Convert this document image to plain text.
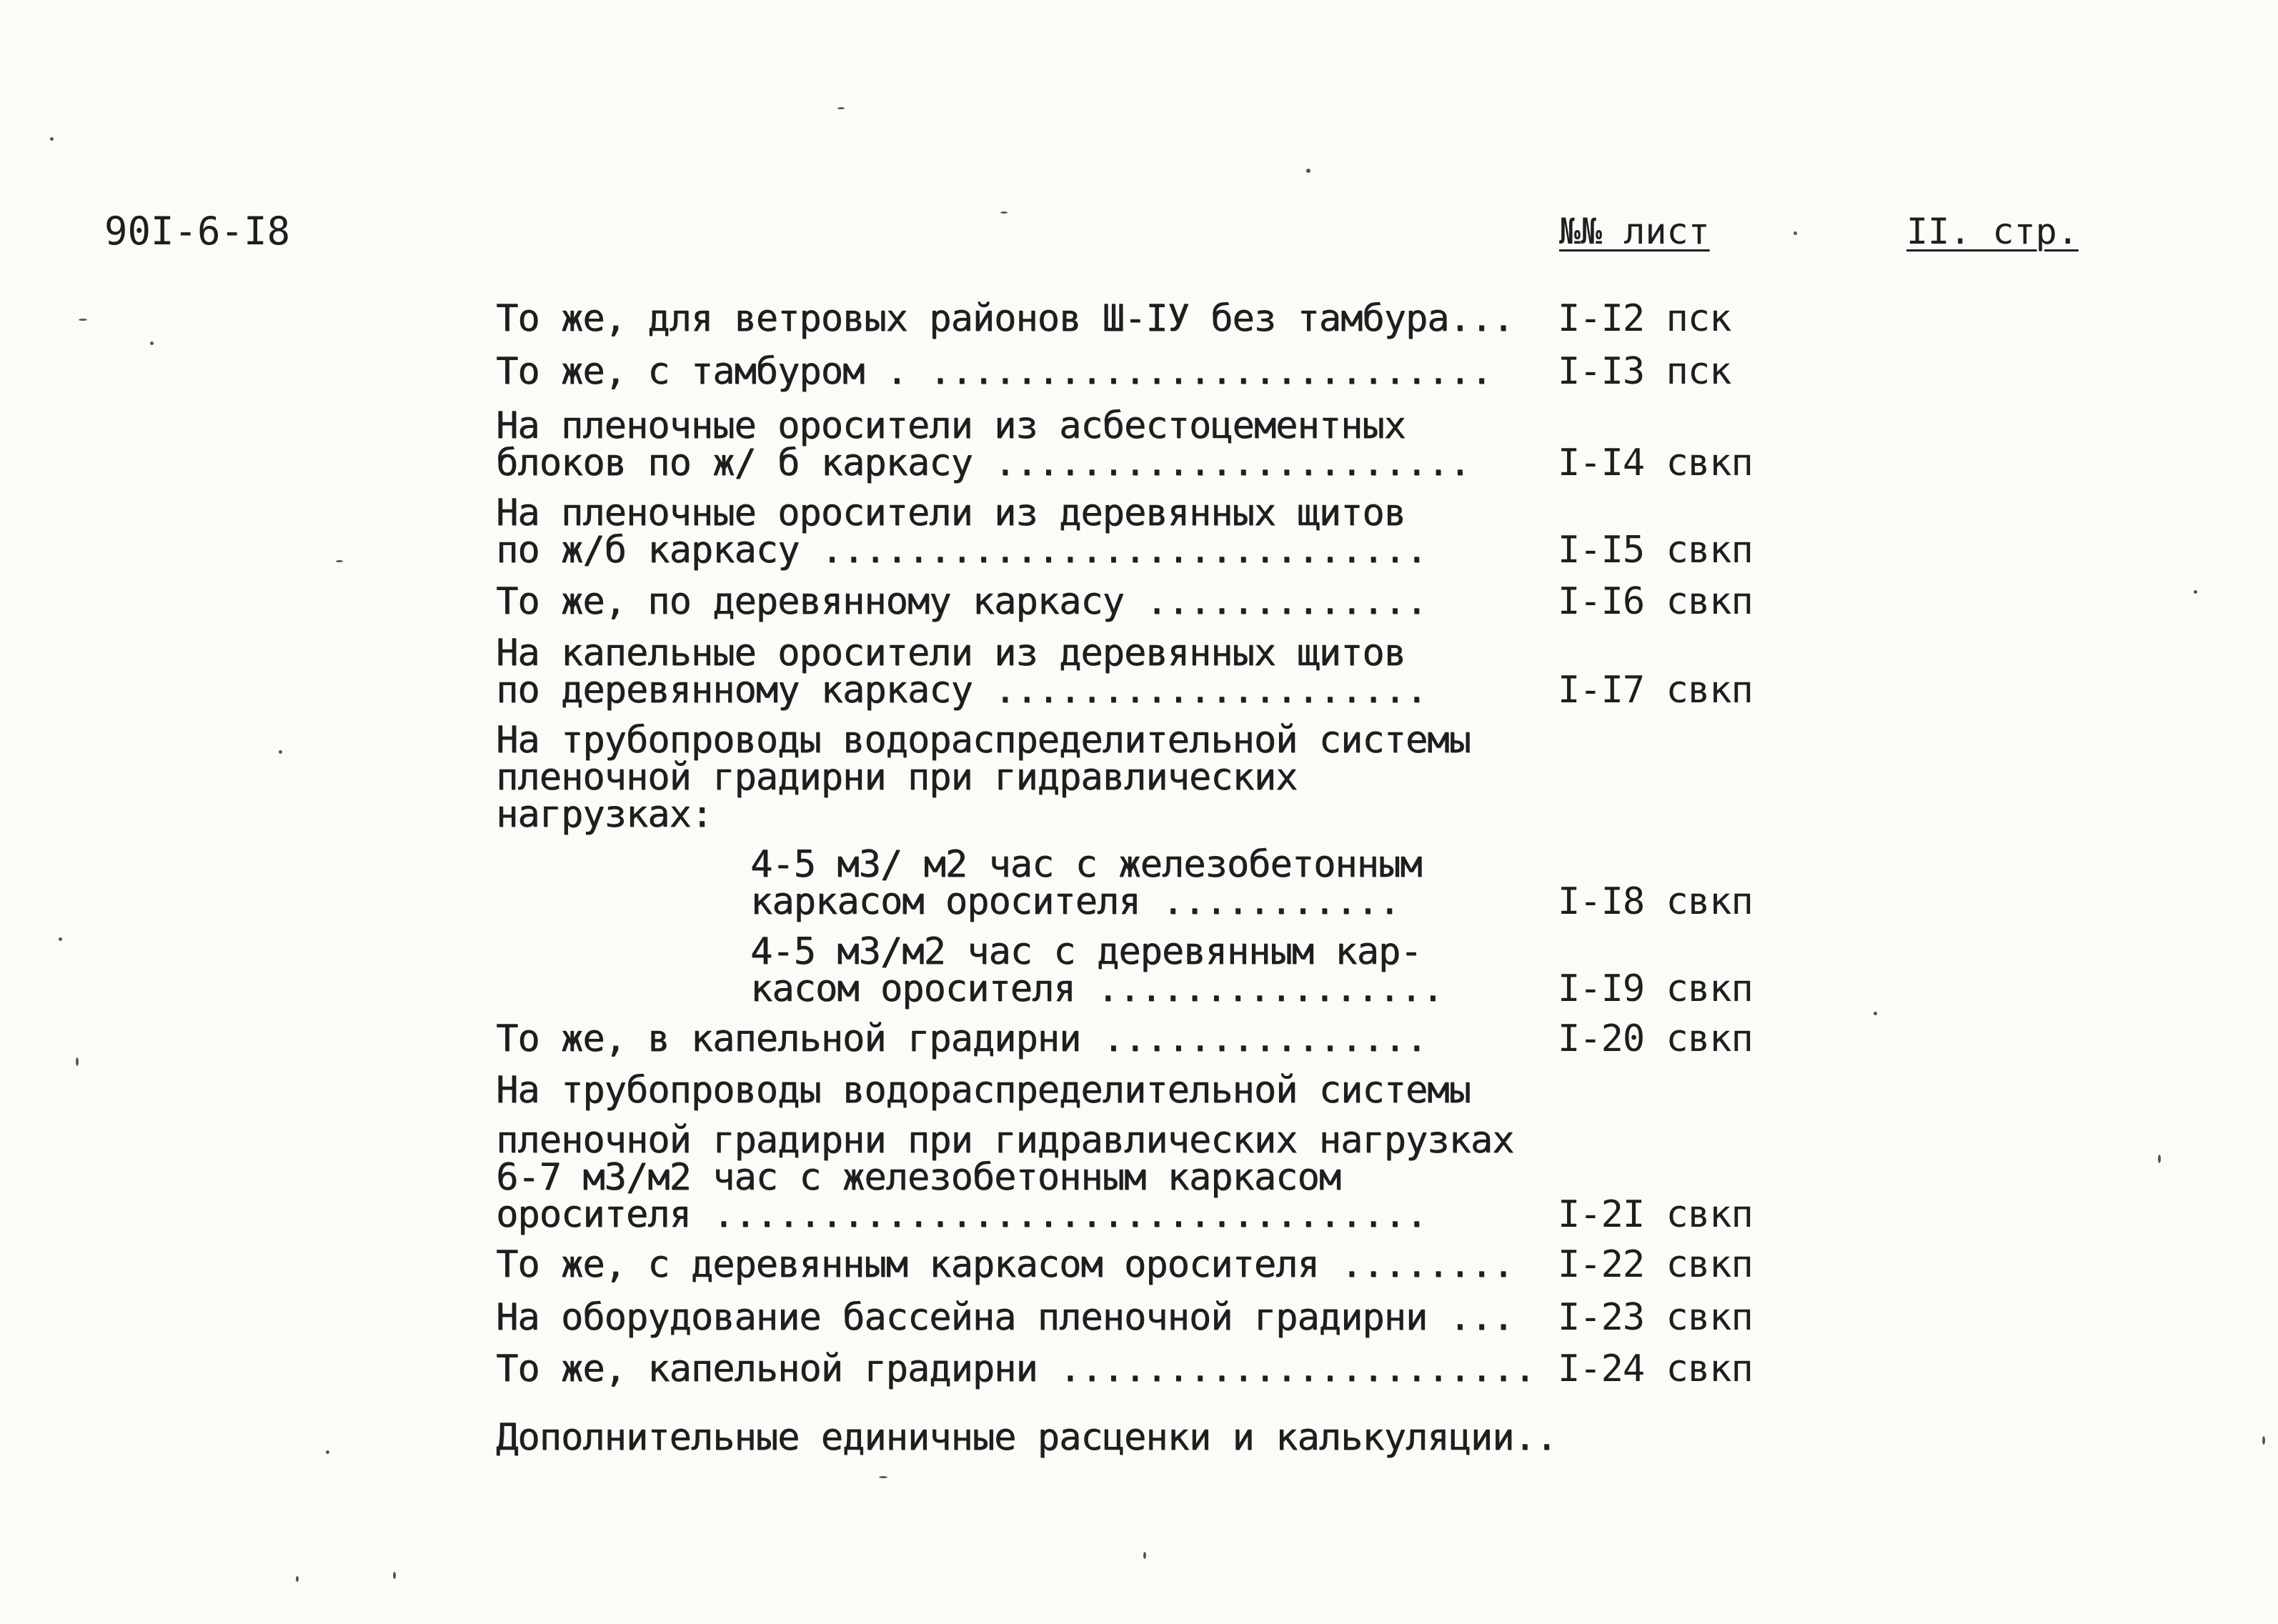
90I-6-I8	№№ лист	II. стр.
То же, для ветровых районов Ш-IУ без тамбура... I-I2 пск
То же, с тамбуром . .......................... I-I3 пск
На пленочные оросители из асбестоцементных
блоков по ж/ б каркасу ...................... I-I4 свкп
На пленочные оросители из деревянных щитов
по ж/б каркасу ............................	I-I5 свкп
То же, по деревянному каркасу .............	I-I6 свкп
На капельные оросители из деревянных щитов
по деревянному каркасу ....................	I-I7 свкп
На трубопроводы водораспределительной системы
пленочной градирни при гидравлических
нагрузках:
4-5 м3/ м2 час с железобетонным
каркасом оросителя ...........	I-I8 свкп
4-5 м3/м2 час с деревянным кар-
касом оросителя ................	I-I9 свкп
То же, в капельной градирни ...............	I-20 свкп
На трубопроводы водораспределительной системы
пленочной градирни при гидравлических нагрузках
6-7 м3/м2 час с железобетонным каркасом
оросителя .................................	I-2I свкп
То же, с деревянным каркасом оросителя ........ I-22 свкп
На оборудование бассейна пленочной градирни ... I-23 свкп
То же, капельной градирни ...................... I-24 свкп
Дополнительные единичные расценки и калькуляции..
